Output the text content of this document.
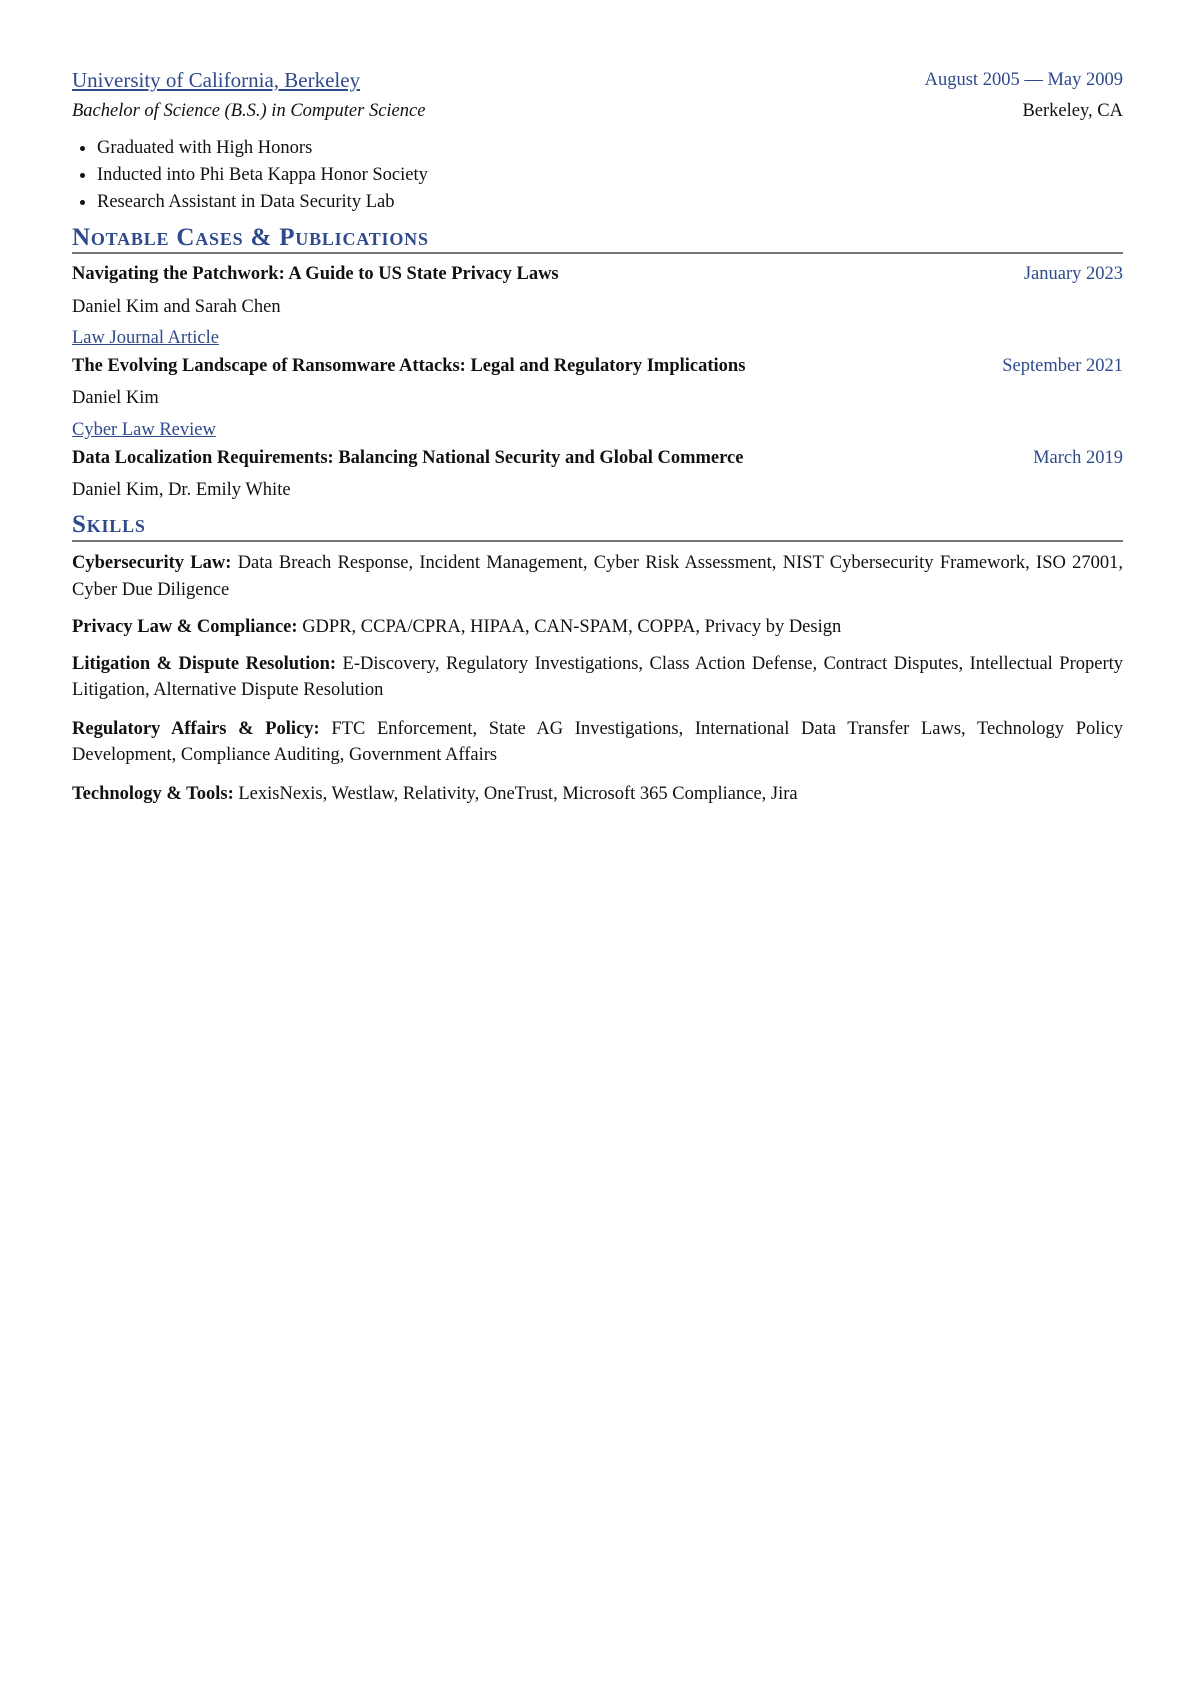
University of California, Berkeley	August 2005 — May 2009
Bachelor of Science (B.S.) in Computer Science	Berkeley, CA
Graduated with High Honors
Inducted into Phi Beta Kappa Honor Society
Research Assistant in Data Security Lab
Notable Cases & Publications
Navigating the Patchwork: A Guide to US State Privacy Laws	January 2023
Daniel Kim and Sarah Chen
Law Journal Article
The Evolving Landscape of Ransomware Attacks: Legal and Regulatory Implications	September 2021
Daniel Kim
Cyber Law Review
Data Localization Requirements: Balancing National Security and Global Commerce	March 2019
Daniel Kim, Dr. Emily White
Skills
Cybersecurity Law: Data Breach Response, Incident Management, Cyber Risk Assessment, NIST Cybersecurity Framework, ISO 27001, Cyber Due Diligence
Privacy Law & Compliance: GDPR, CCPA/CPRA, HIPAA, CAN-SPAM, COPPA, Privacy by Design
Litigation & Dispute Resolution: E-Discovery, Regulatory Investigations, Class Action Defense, Contract Disputes, Intellectual Property Litigation, Alternative Dispute Resolution
Regulatory Affairs & Policy: FTC Enforcement, State AG Investigations, International Data Transfer Laws, Technology Policy Development, Compliance Auditing, Government Affairs
Technology & Tools: LexisNexis, Westlaw, Relativity, OneTrust, Microsoft 365 Compliance, Jira
